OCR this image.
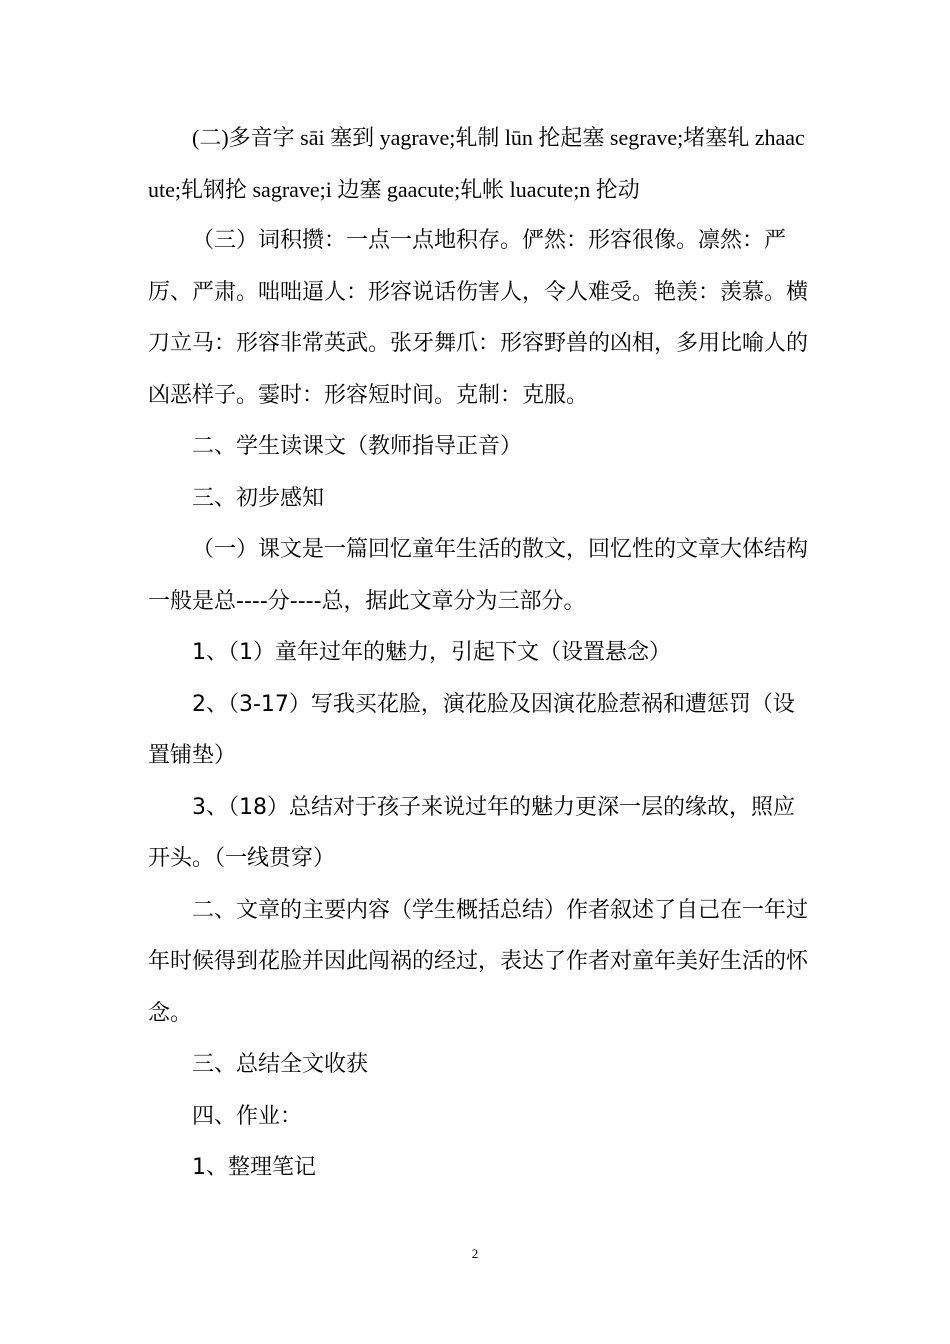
(二)多音字 sāi 塞到 yagrave;轧制 lūn 抡起塞 segrave;堵塞轧 zhaacute;轧钢抡 sagrave;i 边塞 gaacute;轧帐 luacute;n 抡动

（三）词积攒：一点一点地积存。俨然：形容很像。凛然：严厉、严肃。咄咄逼人：形容说话伤害人，令人难受。艳羡：羡慕。横刀立马：形容非常英武。张牙舞爪：形容野兽的凶相，多用比喻人的凶恶样子。霎时：形容短时间。克制：克服。

二、学生读课文（教师指导正音）

三、初步感知

（一）课文是一篇回忆童年生活的散文，回忆性的文章大体结构一般是总----分----总，据此文章分为三部分。

1、（1）童年过年的魅力，引起下文（设置悬念）

2、（3-17）写我买花脸，演花脸及因演花脸惹祸和遭惩罚（设置铺垫）

3、（18）总结对于孩子来说过年的魅力更深一层的缘故，照应开头。（一线贯穿）

二、文章的主要内容（学生概括总结）作者叙述了自己在一年过年时候得到花脸并因此闯祸的经过，表达了作者对童年美好生活的怀念。

三、总结全文收获

四、作业：

1、整理笔记

2
